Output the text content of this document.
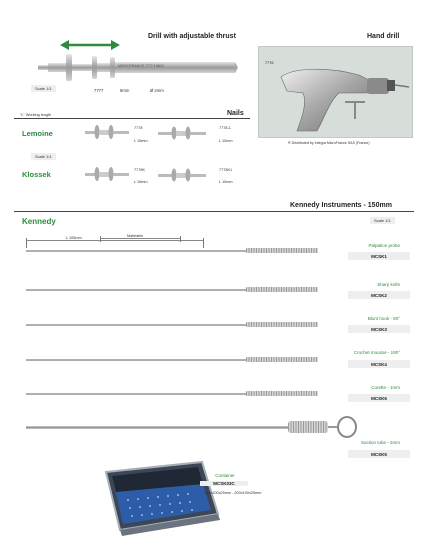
Drill with adjustable thrust
MICROFRANCE 7777 13603
Scale 1/1	7777	8mm	Ø 2mm
Hand drill
7776
® Distributed by Integra MicroFrance SAS (France)
Nails
"L" Working length
Lemoine
Scale 1/1
Klossek
7778
L 15mm
7778-1
L 10mm
7778K
L 15mm
7778K1
L 10mm
Kennedy Instruments - 150mm
Kennedy	Scale 1/1
L 105mm	Malleable
Palpation probe
MCSK1
Sharp knife
MCSK2
Blunt hook - 90°
MCSK3
Crochet mousse - 190°
MCSK4
Curette - 1mm
MCSK6
Suction tube - 2mm
MCSK5
Container
MCSK03C
180x100x25mm - 200x100x25mm
